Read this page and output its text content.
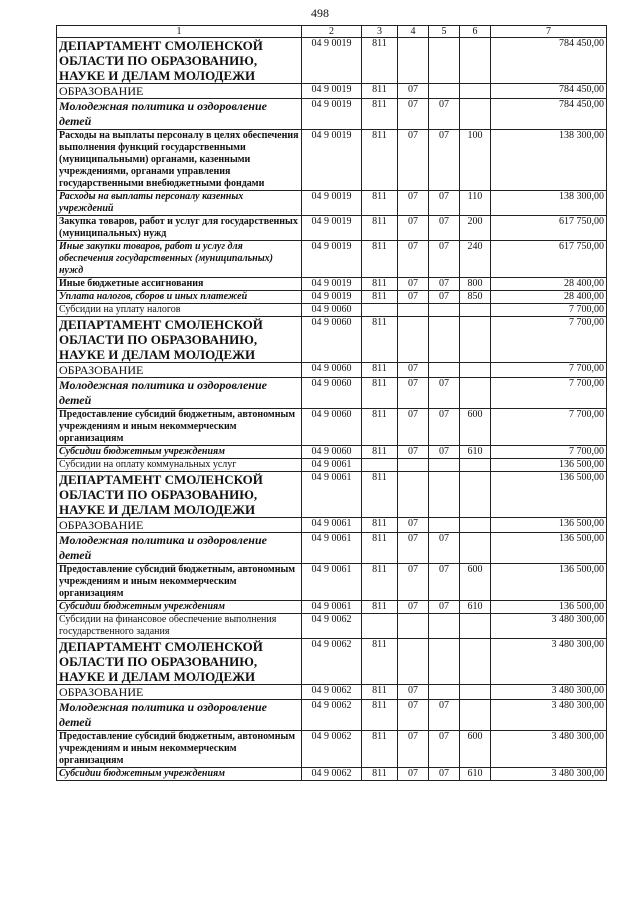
498
1	2	3	4	5	6	7
ДЕПАРТАМЕНТ СМОЛЕНСКОЙ ОБЛАСТИ ПО ОБРАЗОВАНИЮ, НАУКЕ И ДЕЛАМ МОЛОДЕЖИ	04 9 0019	811				784 450,00
ОБРАЗОВАНИЕ	04 9 0019	811	07			784 450,00
Молодежная политика и оздоровление детей	04 9 0019	811	07	07		784 450,00
Расходы на выплаты персоналу в целях обеспечения выполнения функций государственными (муниципальными) органами, казенными учреждениями, органами управления государственными внебюджетными фондами	04 9 0019	811	07	07	100	138 300,00
Расходы на выплаты персоналу казенных учреждений	04 9 0019	811	07	07	110	138 300,00
Закупка товаров, работ и услуг для государственных (муниципальных) нужд	04 9 0019	811	07	07	200	617 750,00
Иные закупки товаров, работ и услуг для обеспечения государственных (муниципальных) нужд	04 9 0019	811	07	07	240	617 750,00
Иные бюджетные ассигнования	04 9 0019	811	07	07	800	28 400,00
Уплата налогов, сборов и иных платежей	04 9 0019	811	07	07	850	28 400,00
Субсидии на уплату налогов	04 9 0060					7 700,00
ДЕПАРТАМЕНТ СМОЛЕНСКОЙ ОБЛАСТИ ПО ОБРАЗОВАНИЮ, НАУКЕ И ДЕЛАМ МОЛОДЕЖИ	04 9 0060	811				7 700,00
ОБРАЗОВАНИЕ	04 9 0060	811	07			7 700,00
Молодежная политика и оздоровление детей	04 9 0060	811	07	07		7 700,00
Предоставление субсидий бюджетным, автономным учреждениям и иным некоммерческим организациям	04 9 0060	811	07	07	600	7 700,00
Субсидии бюджетным учреждениям	04 9 0060	811	07	07	610	7 700,00
Субсидии на оплату коммунальных услуг	04 9 0061					136 500,00
ДЕПАРТАМЕНТ СМОЛЕНСКОЙ ОБЛАСТИ ПО ОБРАЗОВАНИЮ, НАУКЕ И ДЕЛАМ МОЛОДЕЖИ	04 9 0061	811				136 500,00
ОБРАЗОВАНИЕ	04 9 0061	811	07			136 500,00
Молодежная политика и оздоровление детей	04 9 0061	811	07	07		136 500,00
Предоставление субсидий бюджетным, автономным учреждениям и иным некоммерческим организациям	04 9 0061	811	07	07	600	136 500,00
Субсидии бюджетным учреждениям	04 9 0061	811	07	07	610	136 500,00
Субсидии на финансовое обеспечение выполнения государственного задания	04 9 0062					3 480 300,00
ДЕПАРТАМЕНТ СМОЛЕНСКОЙ ОБЛАСТИ ПО ОБРАЗОВАНИЮ, НАУКЕ И ДЕЛАМ МОЛОДЕЖИ	04 9 0062	811				3 480 300,00
ОБРАЗОВАНИЕ	04 9 0062	811	07			3 480 300,00
Молодежная политика и оздоровление детей	04 9 0062	811	07	07		3 480 300,00
Предоставление субсидий бюджетным, автономным учреждениям и иным некоммерческим организациям	04 9 0062	811	07	07	600	3 480 300,00
Субсидии бюджетным учреждениям	04 9 0062	811	07	07	610	3 480 300,00
